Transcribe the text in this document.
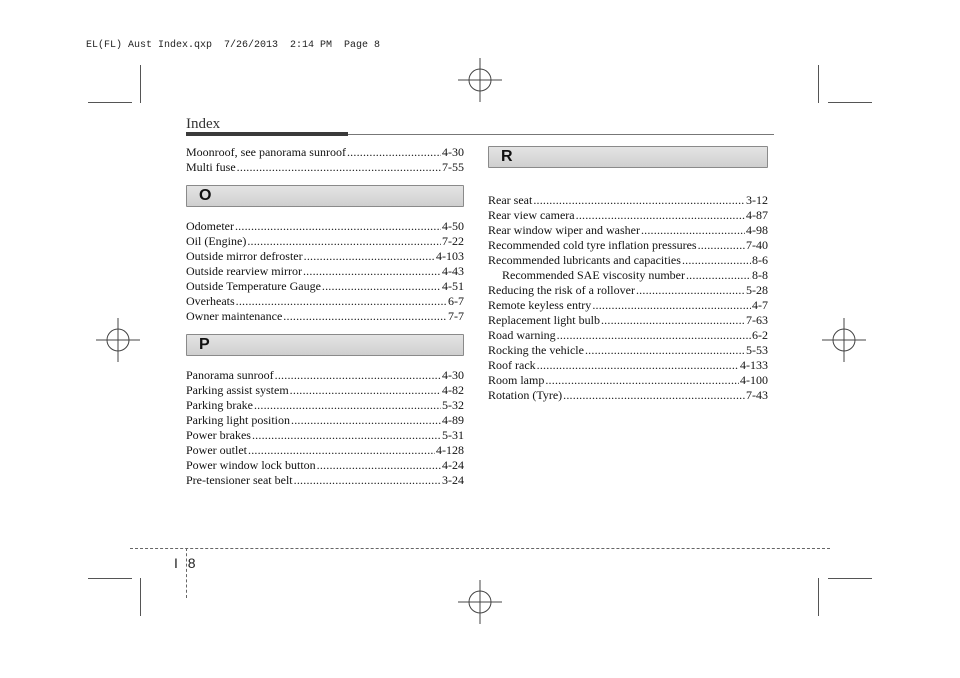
EL(FL) Aust Index.qxp  7/26/2013  2:14 PM  Page 8
Index
Moonroof, see panorama sunroof .....	4-30
Multi fuse .....	7-55
O
Odometer .....	4-50
Oil (Engine) .....	7-22
Outside mirror defroster .....	4-103
Outside rearview mirror .....	4-43
Outside Temperature Gauge .....	4-51
Overheats .....	6-7
Owner maintenance .....	7-7
P
Panorama sunroof .....	4-30
Parking assist system .....	4-82
Parking brake .....	5-32
Parking light position .....	4-89
Power brakes .....	5-31
Power outlet .....	4-128
Power window lock button .....	4-24
Pre-tensioner seat belt .....	3-24
R
Rear seat .....	3-12
Rear view camera .....	4-87
Rear window wiper and washer .....	4-98
Recommended cold tyre inflation pressures .....	7-40
Recommended lubricants and capacities .....	8-6
Recommended SAE viscosity number .....	8-8
Reducing the risk of a rollover .....	5-28
Remote keyless entry .....	4-7
Replacement light bulb .....	7-63
Road warning .....	6-2
Rocking the vehicle .....	5-53
Roof rack .....	4-133
Room lamp .....	4-100
Rotation (Tyre) .....	7-43
I 8
